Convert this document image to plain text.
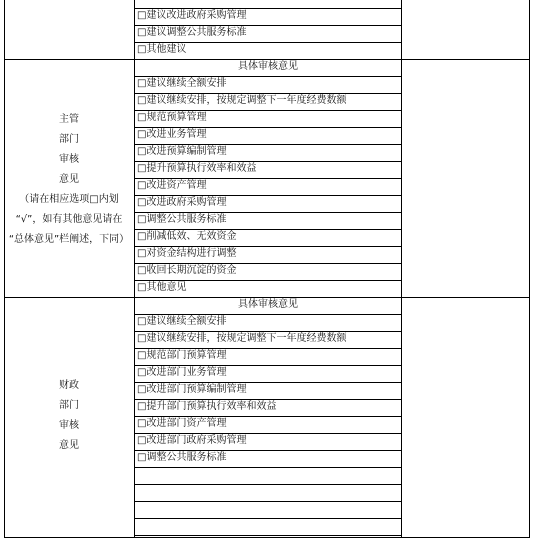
□建议改进政府采购管理
□建议调整公共服务标准
□其他建议
主管
部门
审核
意见
（请在相应选项□内划
“√”，如有其他意见请在
“总体意见”栏阐述，下同）
具体审核意见
□建议继续全额安排
□建议继续安排，按规定调整下一年度经费数额
□规范预算管理
□改进业务管理
□改进预算编制管理
□提升预算执行效率和效益
□改进资产管理
□改进政府采购管理
□调整公共服务标准
□削减低效、无效资金
□对资金结构进行调整
□收回长期沉淀的资金
□其他意见
财政
部门
审核
意见
具体审核意见
□建议继续全额安排
□建议继续安排，按规定调整下一年度经费数额
□规范部门预算管理
□改进部门业务管理
□改进部门预算编制管理
□提升部门预算执行效率和效益
□改进部门资产管理
□改进部门政府采购管理
□调整公共服务标准
